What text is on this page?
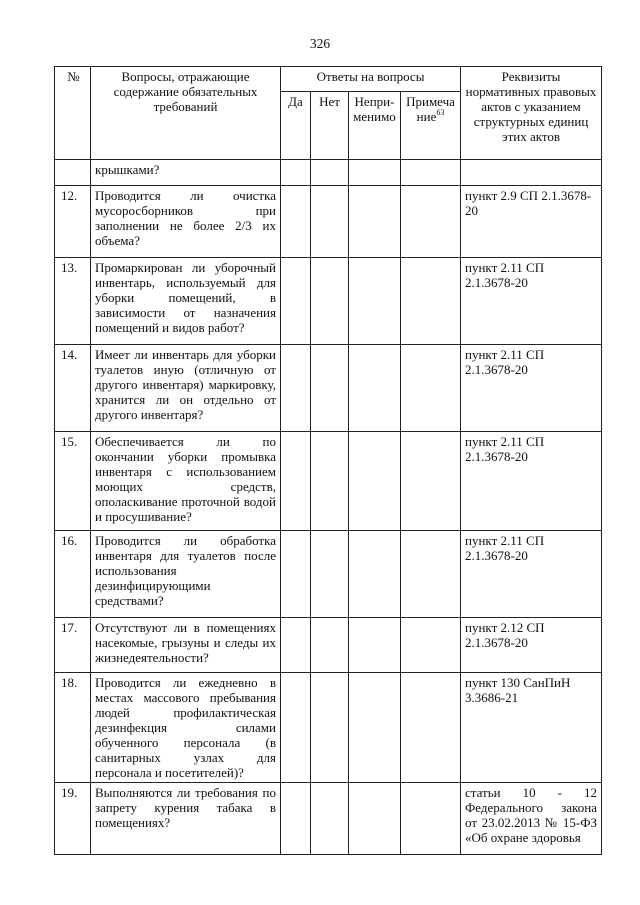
326
№	Вопросы, отражающие содержание обязательных требований	Ответы на вопросы				Реквизиты нормативных правовых актов с указанием структурных единиц этих актов
		Да	Нет	Непри-менимо	Примеча ние$^{63}$
	крышками?					
12.	Проводится ли очистка мусоросборников при заполнении не более 2/3 их объема?					пункт 2.9 СП 2.1.3678-20
13.	Промаркирован ли уборочный инвентарь, используемый для уборки помещений, в зависимости от назначения помещений и видов работ?					пункт 2.11 СП 2.1.3678-20
14.	Имеет ли инвентарь для уборки туалетов иную (отличную от другого инвентаря) маркировку, хранится ли он отдельно от другого инвентаря?					пункт 2.11 СП 2.1.3678-20
15.	Обеспечивается ли по окончании уборки промывка инвентаря с использованием моющих средств, ополаскивание проточной водой и просушивание?					пункт 2.11 СП 2.1.3678-20
16.	Проводится ли обработка инвентаря для туалетов после использования дезинфицирующими средствами?					пункт 2.11 СП 2.1.3678-20
17.	Отсутствуют ли в помещениях насекомые, грызуны и следы их жизнедеятельности?					пункт 2.12 СП 2.1.3678-20
18.	Проводится ли ежедневно в местах массового пребывания людей профилактическая дезинфекция силами обученного персонала (в санитарных узлах для персонала и посетителей)?					пункт 130 СанПиН 3.3686-21
19.	Выполняются ли требования по запрету курения табака в помещениях?					статьи 10 - 12 Федерального закона от 23.02.2013 № 15-ФЗ «Об охране здоровья
